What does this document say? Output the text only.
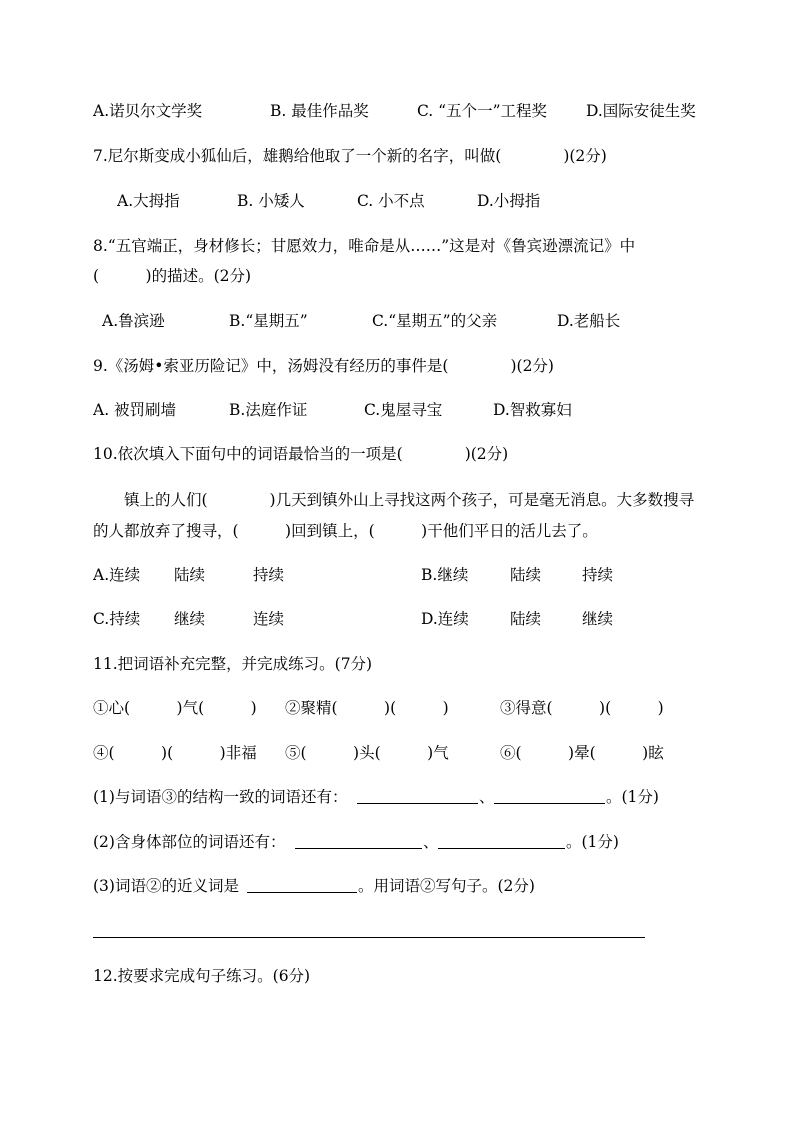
A.诺贝尔文学奖	B. 最佳作品奖	C. “五个一”工程奖	D.国际安徒生奖
7.尼尔斯变成小狐仙后，雄鹅给他取了一个新的名字，叫做(　　　　)(2分)
A.大拇指	B. 小矮人	C. 小不点	D.小拇指
8.“五官端正，身材修长；甘愿效力，唯命是从……”这是对《鲁宾逊漂流记》中
(　　　)的描述。(2分)
A.鲁滨逊	B.“星期五”	C.“星期五”的父亲	D.老船长
9.《汤姆•索亚历险记》中，汤姆没有经历的事件是(　　　　)(2分)
A. 被罚刷墙	B.法庭作证	C.鬼屋寻宝	D.智救寡妇
10.依次填入下面句中的词语最恰当的一项是(　　　　)(2分)
　　镇上的人们(　　　　)几天到镇外山上寻找这两个孩子，可是毫无消息。大多数搜寻
的人都放弃了搜寻，(　　　)回到镇上，(　　　)干他们平日的活儿去了。
A.连续 陆续	持续	B.继续	陆续	持续
C.持续 继续	连续	D.连续	陆续	继续
11.把词语补充完整，并完成练习。(7分)
①心(　　　)气(　　　) ②聚精(　　　)(　　　)	③得意(　　　)(　　　)
④(　　　)(　　　)非福 ⑤(　　　)头(　　　)气	⑥(　　　)晕(　　　)眩
(1)与词语③的结构一致的词语还有：	、	。(1分)
(2)含身体部位的词语还有：	、	。(1分)
(3)词语②的近义词是	。用词语②写句子。(2分)
12.按要求完成句子练习。(6分)
